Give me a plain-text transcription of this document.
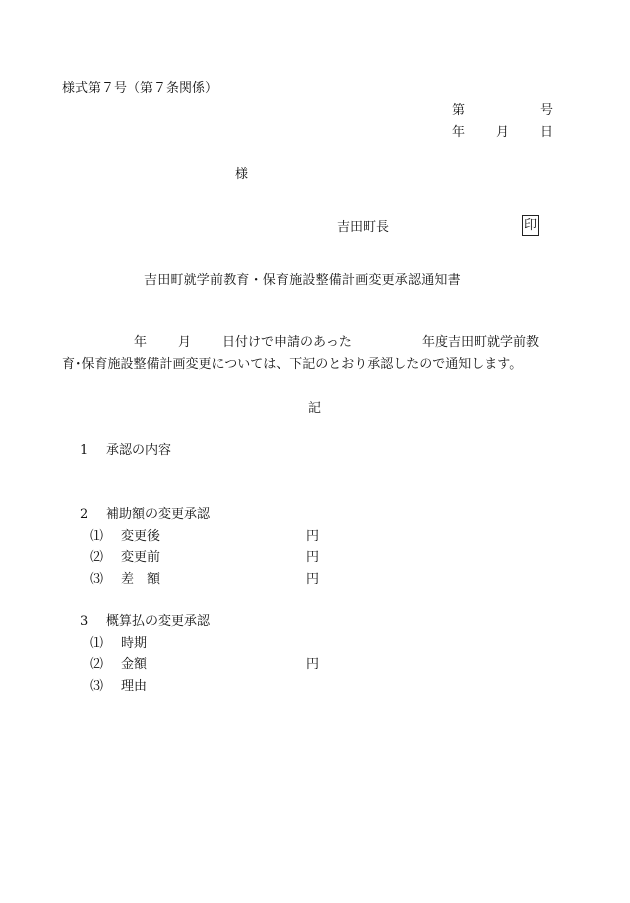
様式第７号（第７条関係）
第	号
年 月 日
様
吉田町長	印
吉田町就学前教育・保育施設整備計画変更承認通知書
年 月 日付けで申請のあった	年度吉田町就学前教
育･保育施設整備計画変更については、下記のとおり承認したので通知します。
記
1 承認の内容
2 補助額の変更承認
⑴ 変更後	円
⑵ 変更前	円
⑶ 差　額	円
3 概算払の変更承認
⑴ 時期
⑵ 金額	円
⑶ 理由
